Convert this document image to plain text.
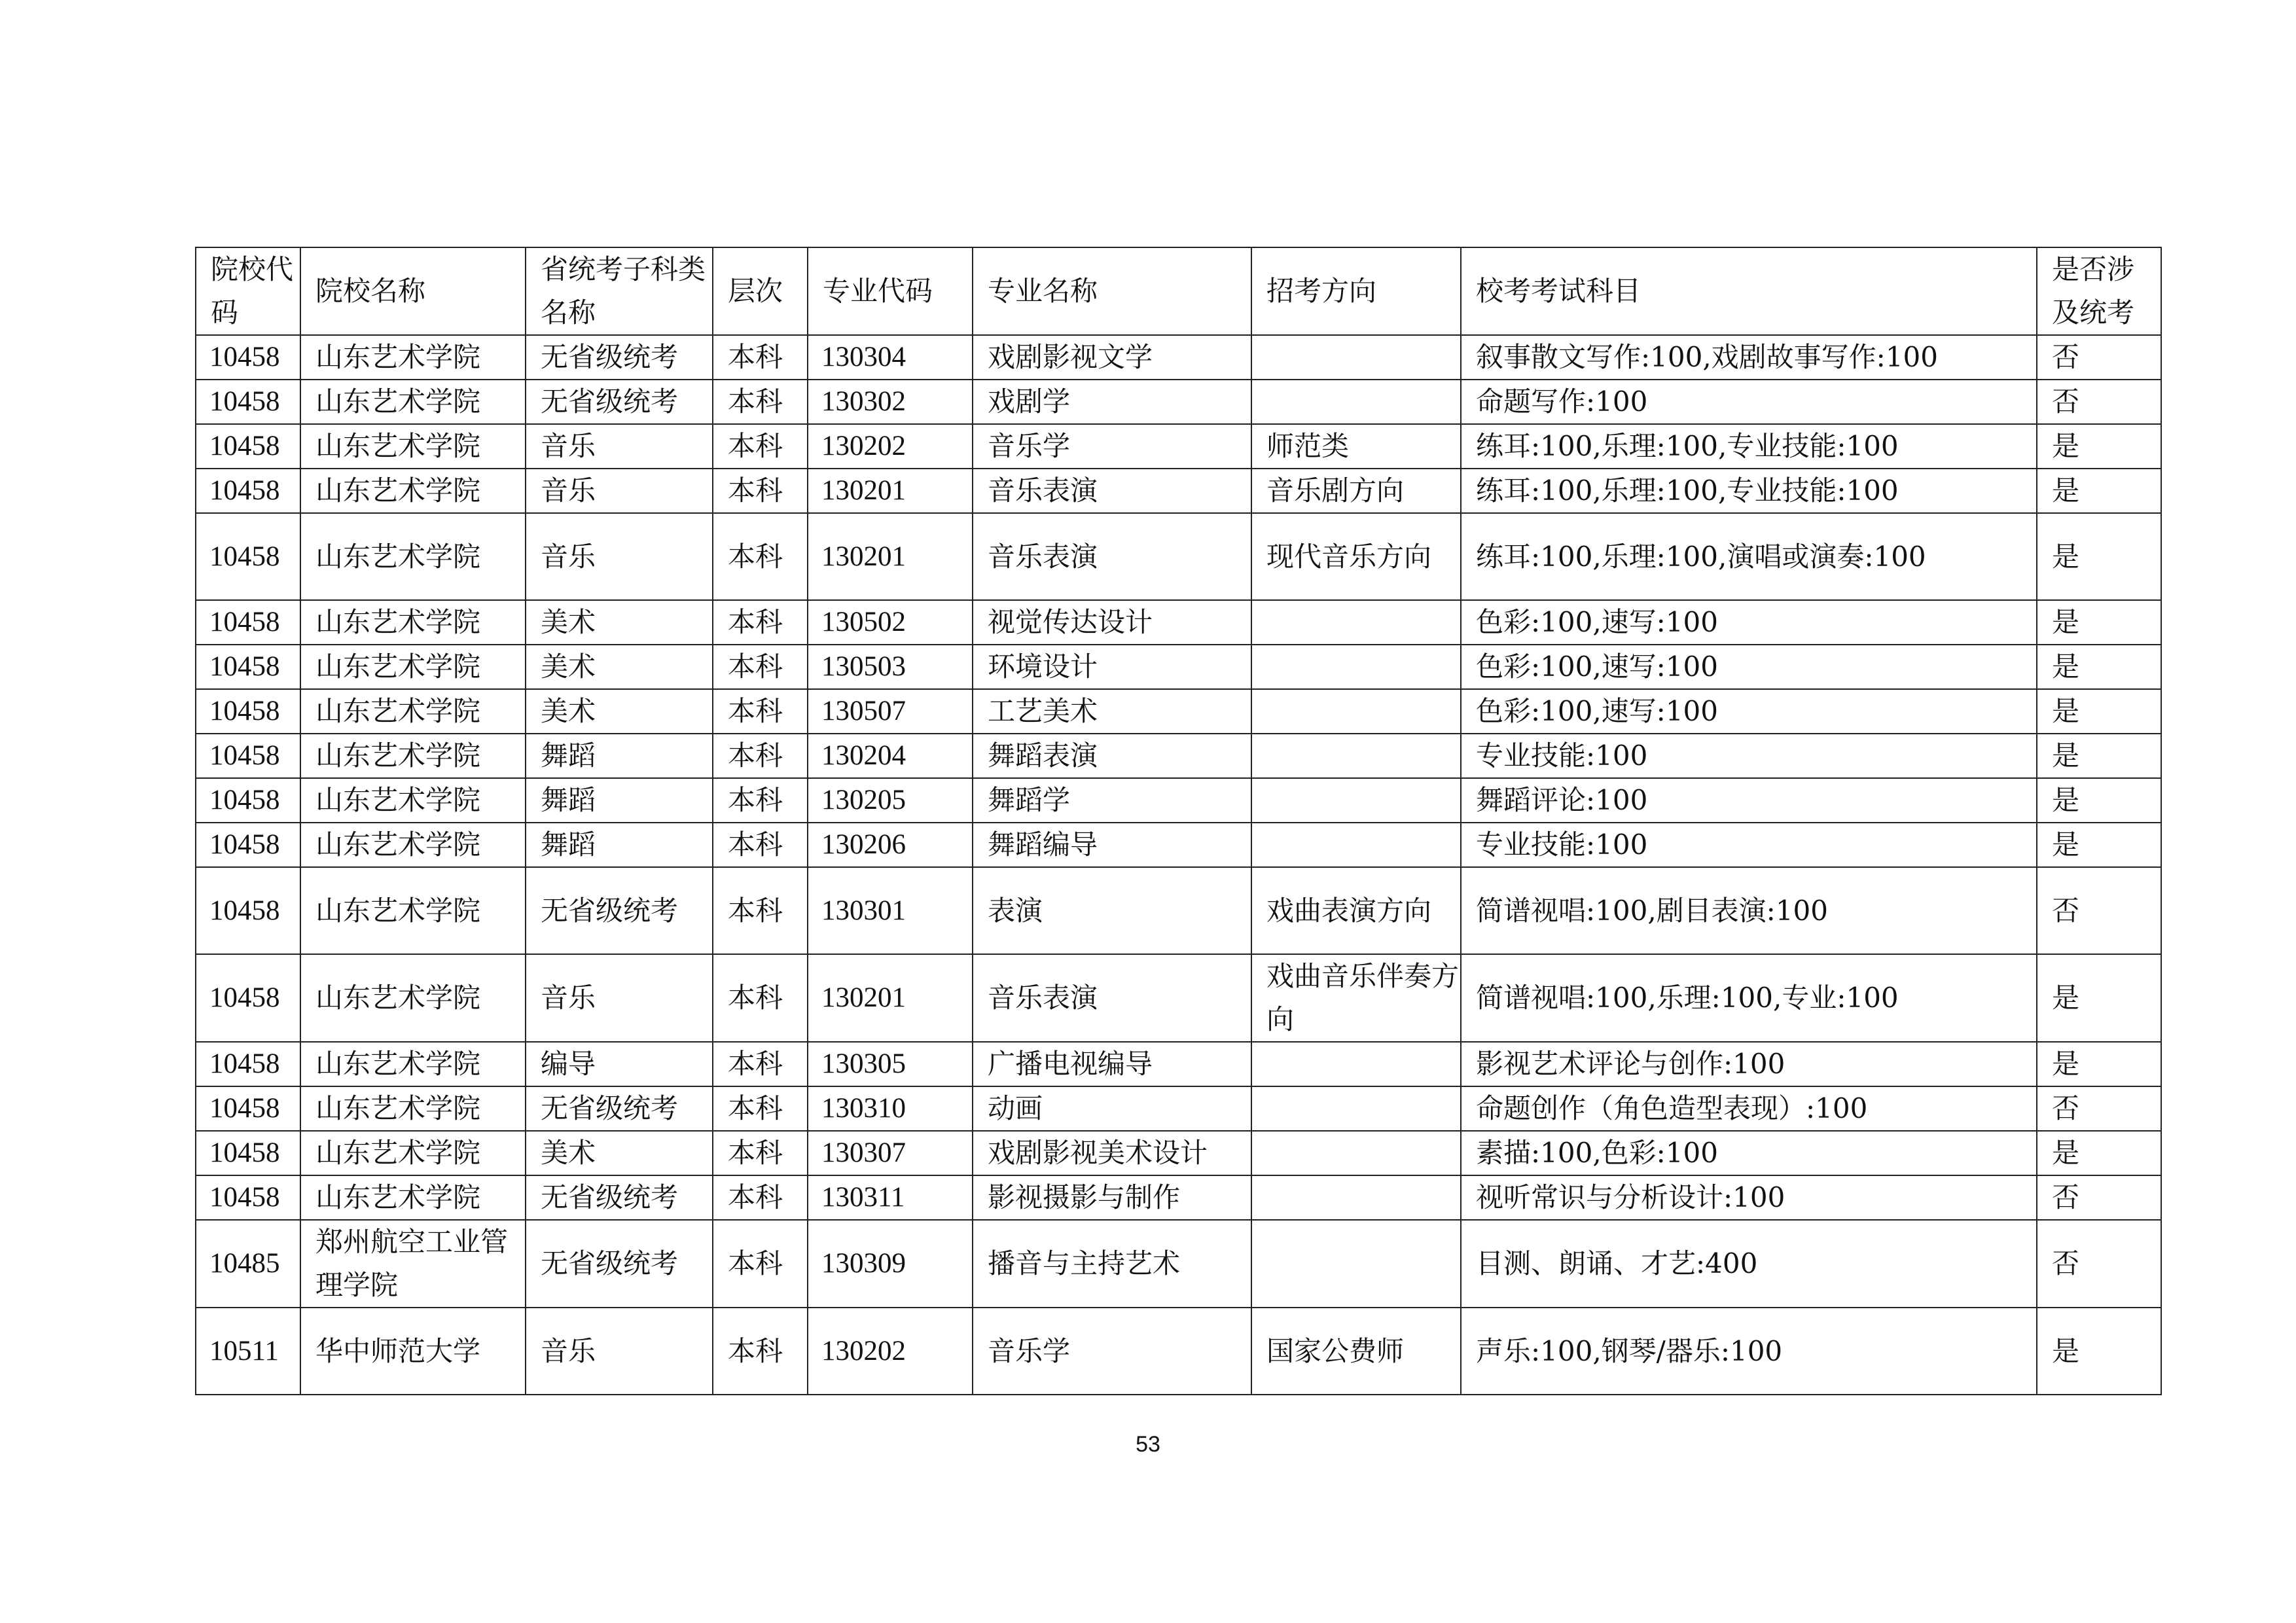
院校代码	院校名称	省统考子科类名称	层次	专业代码	专业名称	招考方向	校考考试科目	是否涉及统考
10458	山东艺术学院	无省级统考	本科	130304	戏剧影视文学		叙事散文写作:100,戏剧故事写作:100	否
10458	山东艺术学院	无省级统考	本科	130302	戏剧学		命题写作:100	否
10458	山东艺术学院	音乐	本科	130202	音乐学	师范类	练耳:100,乐理:100,专业技能:100	是
10458	山东艺术学院	音乐	本科	130201	音乐表演	音乐剧方向	练耳:100,乐理:100,专业技能:100	是
10458	山东艺术学院	音乐	本科	130201	音乐表演	现代音乐方向	练耳:100,乐理:100,演唱或演奏:100	是
10458	山东艺术学院	美术	本科	130502	视觉传达设计		色彩:100,速写:100	是
10458	山东艺术学院	美术	本科	130503	环境设计		色彩:100,速写:100	是
10458	山东艺术学院	美术	本科	130507	工艺美术		色彩:100,速写:100	是
10458	山东艺术学院	舞蹈	本科	130204	舞蹈表演		专业技能:100	是
10458	山东艺术学院	舞蹈	本科	130205	舞蹈学		舞蹈评论:100	是
10458	山东艺术学院	舞蹈	本科	130206	舞蹈编导		专业技能:100	是
10458	山东艺术学院	无省级统考	本科	130301	表演	戏曲表演方向	简谱视唱:100,剧目表演:100	否
10458	山东艺术学院	音乐	本科	130201	音乐表演	戏曲音乐伴奏方向	简谱视唱:100,乐理:100,专业:100	是
10458	山东艺术学院	编导	本科	130305	广播电视编导		影视艺术评论与创作:100	是
10458	山东艺术学院	无省级统考	本科	130310	动画		命题创作（角色造型表现）:100	否
10458	山东艺术学院	美术	本科	130307	戏剧影视美术设计		素描:100,色彩:100	是
10458	山东艺术学院	无省级统考	本科	130311	影视摄影与制作		视听常识与分析设计:100	否
10485	郑州航空工业管理学院	无省级统考	本科	130309	播音与主持艺术		目测、朗诵、才艺:400	否
10511	华中师范大学	音乐	本科	130202	音乐学	国家公费师	声乐:100,钢琴/器乐:100	是
53
